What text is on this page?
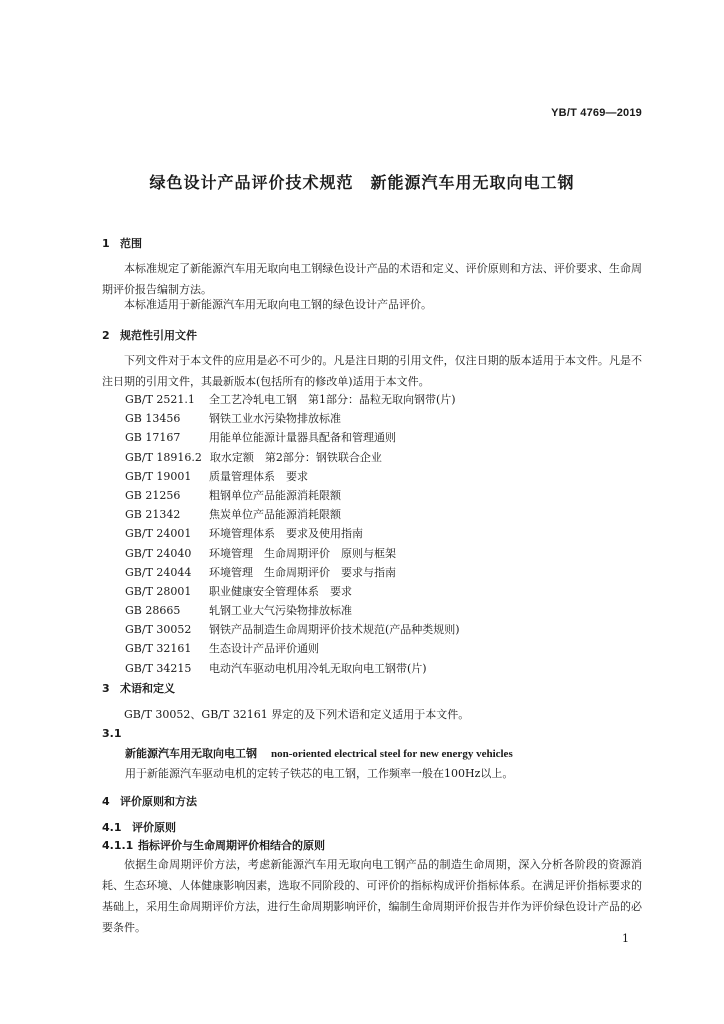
YB/T 4769—2019
绿色设计产品评价技术规范　新能源汽车用无取向电工钢
1 范围
本标准规定了新能源汽车用无取向电工钢绿色设计产品的术语和定义、评价原则和方法、评价要求、生命周期评价报告编制方法。
本标准适用于新能源汽车用无取向电工钢的绿色设计产品评价。
2 规范性引用文件
下列文件对于本文件的应用是必不可少的。凡是注日期的引用文件，仅注日期的版本适用于本文件。凡是不注日期的引用文件，其最新版本(包括所有的修改单)适用于本文件。
GB/T 2521.1 全工艺冷轧电工钢　第1部分：晶粒无取向钢带(片)
GB 13456	钢铁工业水污染物排放标准
GB 17167	用能单位能源计量器具配备和管理通则
GB/T 18916.2 取水定额　第2部分：钢铁联合企业
GB/T 19001 质量管理体系　要求
GB 21256	粗钢单位产品能源消耗限额
GB 21342	焦炭单位产品能源消耗限额
GB/T 24001 环境管理体系　要求及使用指南
GB/T 24040 环境管理　生命周期评价　原则与框架
GB/T 24044 环境管理　生命周期评价　要求与指南
GB/T 28001 职业健康安全管理体系　要求
GB 28665	轧钢工业大气污染物排放标准
GB/T 30052 钢铁产品制造生命周期评价技术规范(产品种类规则)
GB/T 32161 生态设计产品评价通则
GB/T 34215 电动汽车驱动电机用冷轧无取向电工钢带(片)
3 术语和定义
GB/T 30052、GB/T 32161 界定的及下列术语和定义适用于本文件。
3.1
新能源汽车用无取向电工钢 non-oriented electrical steel for new energy vehicles
用于新能源汽车驱动电机的定转子铁芯的电工钢，工作频率一般在100Hz以上。
4 评价原则和方法
4.1 评价原则
4.1.1 指标评价与生命周期评价相结合的原则
依据生命周期评价方法，考虑新能源汽车用无取向电工钢产品的制造生命周期，深入分析各阶段的资源消耗、生态环境、人体健康影响因素，选取不同阶段的、可评价的指标构成评价指标体系。在满足评价指标要求的基础上，采用生命周期评价方法，进行生命周期影响评价，编制生命周期评价报告并作为评价绿色设计产品的必要条件。
1
